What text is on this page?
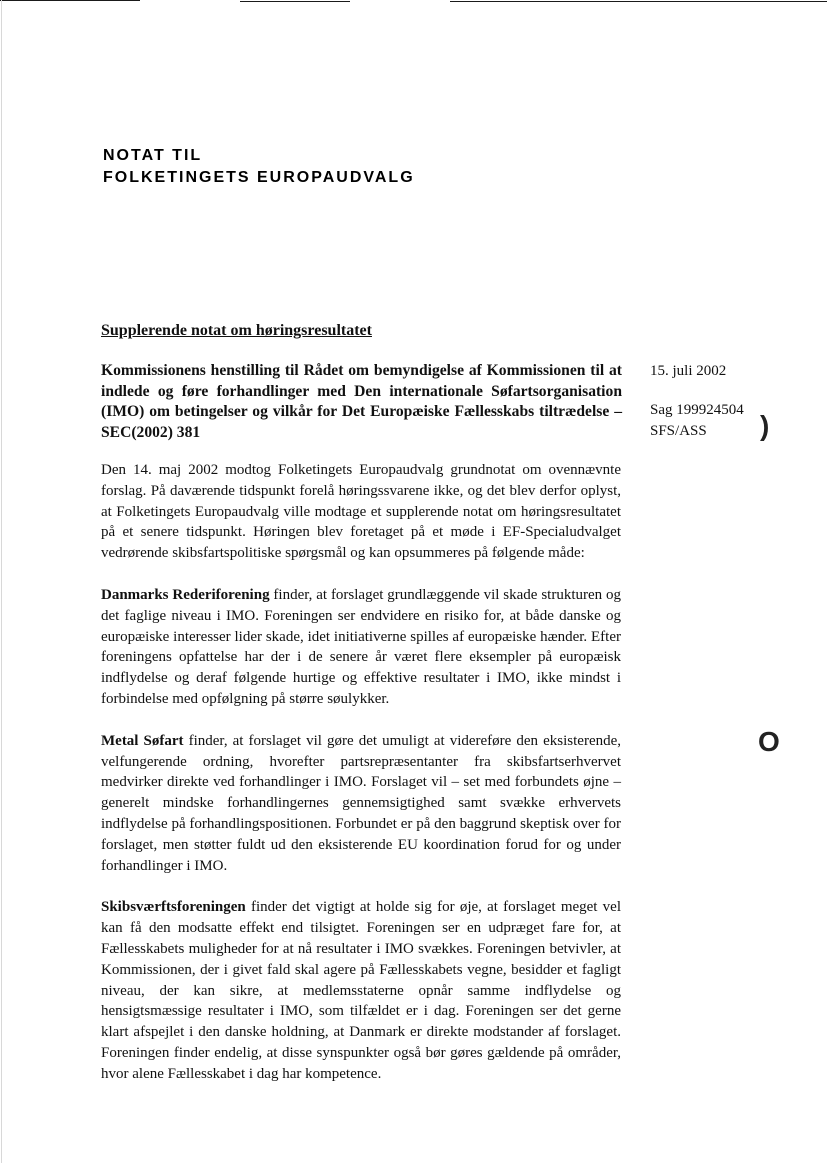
NOTAT TIL
FOLKETINGETS EUROPAUDVALG
Supplerende notat om høringsresultatet
Kommissionens henstilling til Rådet om bemyndigelse af Kommissionen til at indlede og føre forhandlinger med Den internationale Søfartsorganisation (IMO) om betingelser og vilkår for Det Europæiske Fællesskabs tiltrædelse – SEC(2002) 381
15. juli 2002
Sag 199924504
SFS/ASS )
O

Den 14. maj 2002 modtog Folketingets Europaudvalg grundnotat om ovennævnte forslag. På daværende tidspunkt forelå høringssvarene ikke, og det blev derfor oplyst, at Folketingets Europaudvalg ville modtage et supplerende notat om høringsresultatet på et senere tidspunkt. Høringen blev foretaget på et møde i EF-Specialudvalget vedrørende skibsfartspolitiske spørgsmål og kan opsummeres på følgende måde:

Danmarks Rederiforening finder, at forslaget grundlæggende vil skade strukturen og det faglige niveau i IMO. Foreningen ser endvidere en risiko for, at både danske og europæiske interesser lider skade, idet initiativerne spilles af europæiske hænder. Efter foreningens opfattelse har der i de senere år været flere eksempler på europæisk indflydelse og deraf følgende hurtige og effektive resultater i IMO, ikke mindst i forbindelse med opfølgning på større søulykker.

Metal Søfart finder, at forslaget vil gøre det umuligt at videreføre den eksisterende, velfungerende ordning, hvorefter partsrepræsentanter fra skibsfartserhvervet medvirker direkte ved forhandlinger i IMO. Forslaget vil – set med forbundets øjne – generelt mindske forhandlingernes gennemsigtighed samt svække erhvervets indflydelse på forhandlingspositionen. Forbundet er på den baggrund skeptisk over for forslaget, men støtter fuldt ud den eksisterende EU koordination forud for og under forhandlinger i IMO.

Skibsværftsforeningen finder det vigtigt at holde sig for øje, at forslaget meget vel kan få den modsatte effekt end tilsigtet. Foreningen ser en udpræget fare for, at Fællesskabets muligheder for at nå resultater i IMO svækkes. Foreningen betvivler, at Kommissionen, der i givet fald skal agere på Fællesskabets vegne, besidder et fagligt niveau, der kan sikre, at medlemsstaterne opnår samme indflydelse og hensigtsmæssige resultater i IMO, som tilfældet er i dag. Foreningen ser det gerne klart afspejlet i den danske holdning, at Danmark er direkte modstander af forslaget. Foreningen finder endelig, at disse synspunkter også bør gøres gældende på områder, hvor alene Fællesskabet i dag har kompetence.
